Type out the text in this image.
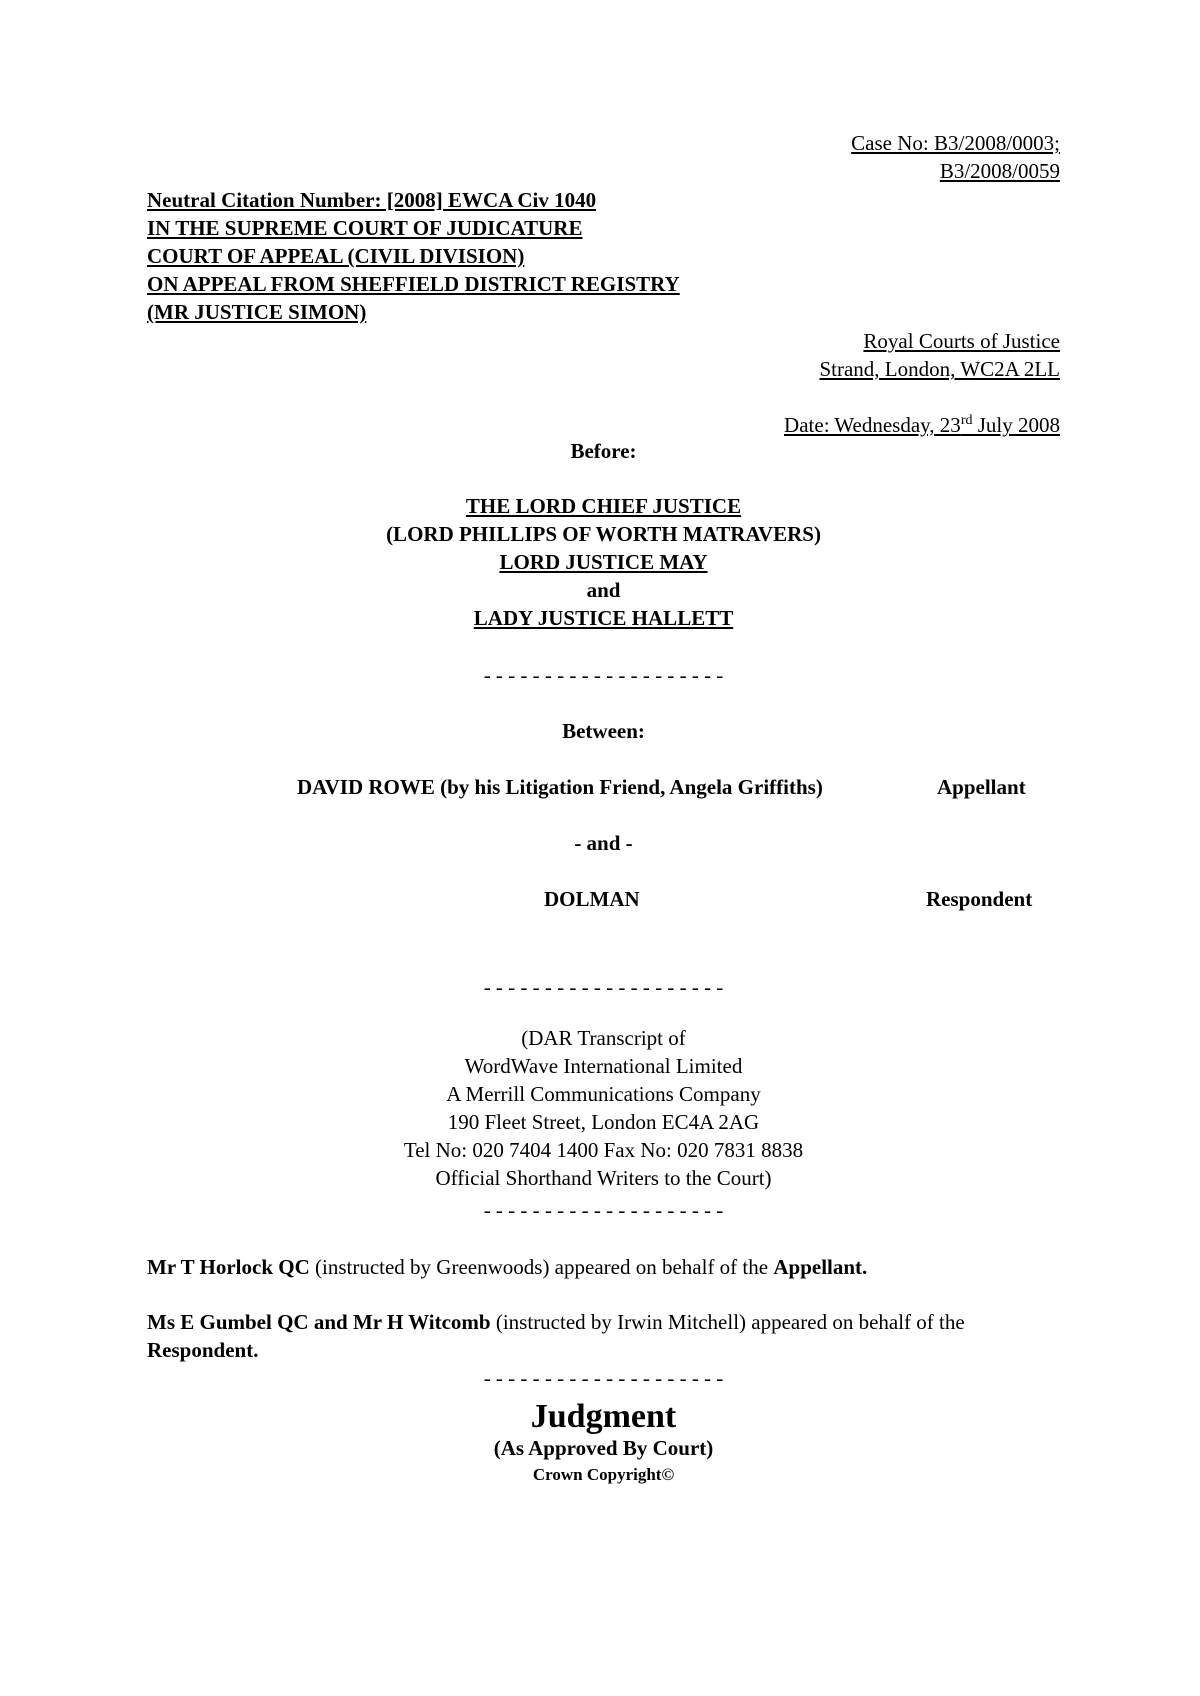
Case No: B3/2008/0003;
B3/2008/0059
Neutral Citation Number: [2008] EWCA Civ 1040
IN THE SUPREME COURT OF JUDICATURE
COURT OF APPEAL (CIVIL DIVISION)
ON APPEAL FROM SHEFFIELD DISTRICT REGISTRY
(MR JUSTICE SIMON)
Royal Courts of Justice
Strand, London, WC2A 2LL
Date: Wednesday, 23rd July 2008
Before:
THE LORD CHIEF JUSTICE
(LORD PHILLIPS OF WORTH MATRAVERS)
LORD JUSTICE MAY
and
LADY JUSTICE HALLETT
- - - - - - - - - - - - - - - - - - - -
Between:
DAVID ROWE (by his Litigation Friend, Angela Griffiths)	Appellant
- and -
DOLMAN	Respondent
- - - - - - - - - - - - - - - - - - - -
(DAR Transcript of
WordWave International Limited
A Merrill Communications Company
190 Fleet Street, London EC4A 2AG
Tel No: 020 7404 1400 Fax No: 020 7831 8838
Official Shorthand Writers to the Court)
- - - - - - - - - - - - - - - - - - - -
Mr T Horlock QC (instructed by Greenwoods) appeared on behalf of the Appellant.
Ms E Gumbel QC and Mr H Witcomb (instructed by Irwin Mitchell) appeared on behalf of the Respondent.
- - - - - - - - - - - - - - - - - - - -
Judgment
(As Approved By Court)
Crown Copyright©
